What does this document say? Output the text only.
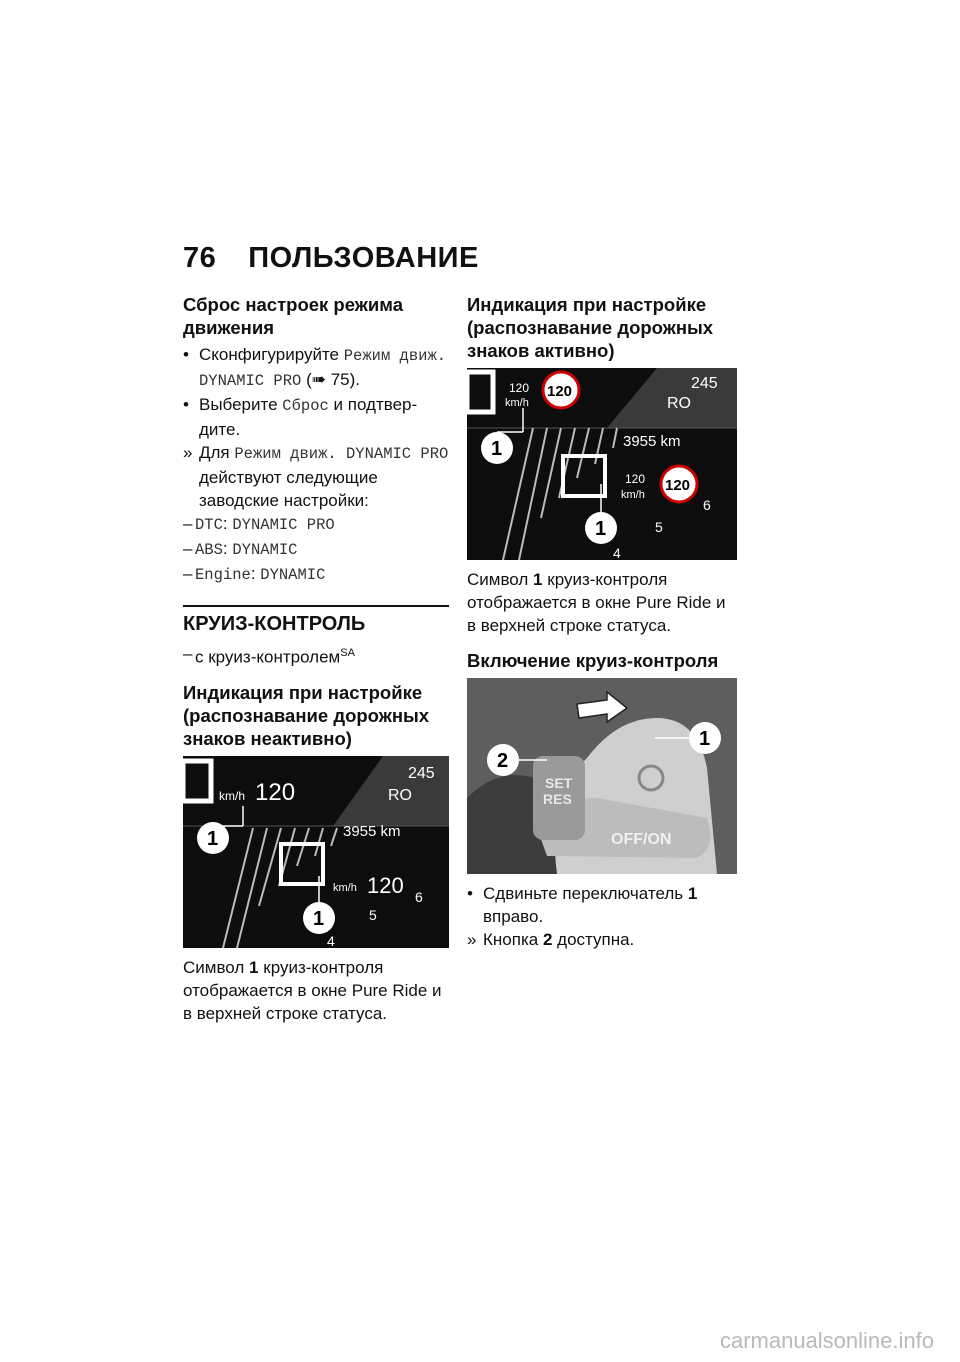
76 ПОЛЬЗОВАНИЕ
Сброс настроек режима движения
• Сконфигурируйте Режим движ. DYNAMIC PRO (➠ 75).
• Выберите Сброс и подтвер-дите.
» Для Режим движ. DYNAMIC PRO действуют следующие заводские настройки:
– DTC: DYNAMIC PRO
– ABS: DYNAMIC
– Engine: DYNAMIC
КРУИЗ-КОНТРОЛЬ
– с круиз-контролем$^{SA}$
Индикация при настройке (распознавание дорожных знаков неактивно)
km/h 120
245
RO
3955 km
km/h 120 6
5
4
1
1
Символ 1 круиз-контроля отображается в окне Pure Ride и в верхней строке статуса.
Индикация при настройке (распознавание дорожных знаков активно)
120
km/h
120	245
RO
3955 km
120
km/h
120
6
5
4
1
1
Символ 1 круиз-контроля отображается в окне Pure Ride и в верхней строке статуса.
Включение круиз-контроля
SET
RES
OFF/ON
1
2
• Сдвиньте переключатель 1 вправо.
» Кнопка 2 доступна.
carmanualsonline.info
